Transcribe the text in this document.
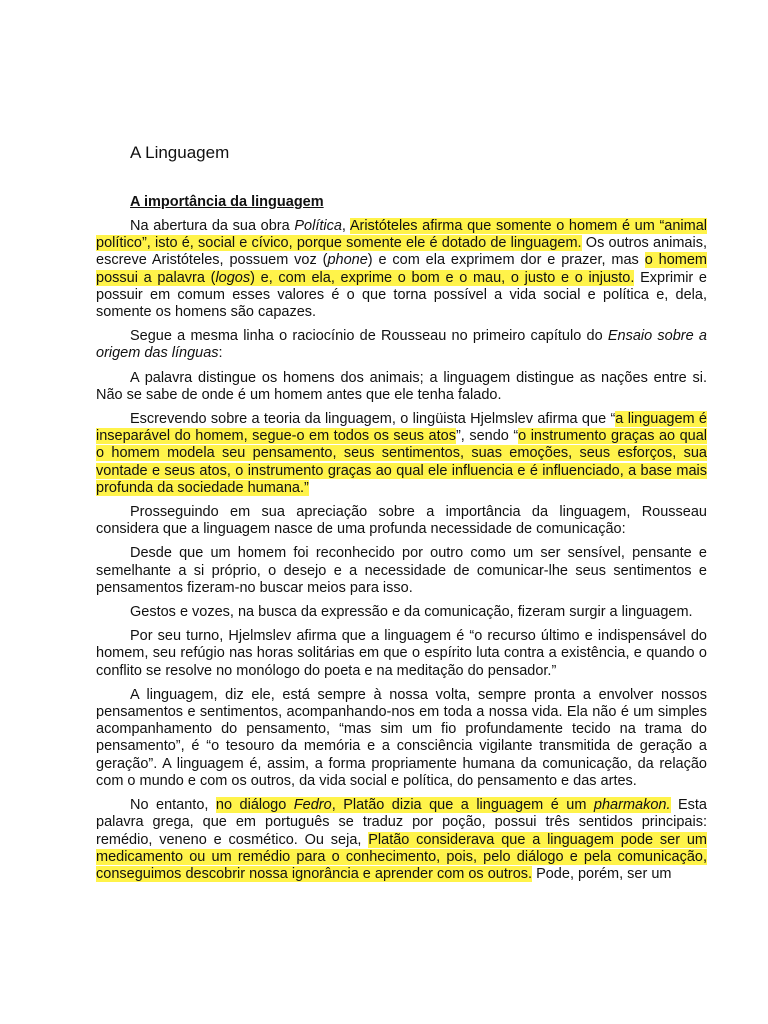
A Linguagem
A importância da linguagem

Na abertura da sua obra Política, Aristóteles afirma que somente o homem é um “animal político”, isto é, social e cívico, porque somente ele é dotado de linguagem. Os outros animais, escreve Aristóteles, possuem voz (phone) e com ela exprimem dor e prazer, mas o homem possui a palavra (logos) e, com ela, exprime o bom e o mau, o justo e o injusto. Exprimir e possuir em comum esses valores é o que torna possível a vida social e política e, dela, somente os homens são capazes.

Segue a mesma linha o raciocínio de Rousseau no primeiro capítulo do Ensaio sobre a origem das línguas:

A palavra distingue os homens dos animais; a linguagem distingue as nações entre si. Não se sabe de onde é um homem antes que ele tenha falado.

Escrevendo sobre a teoria da linguagem, o lingüista Hjelmslev afirma que “a linguagem é inseparável do homem, segue-o em todos os seus atos”, sendo “o instrumento graças ao qual o homem modela seu pensamento, seus sentimentos, suas emoções, seus esforços, sua vontade e seus atos, o instrumento graças ao qual ele influencia e é influenciado, a base mais profunda da sociedade humana.”

Prosseguindo em sua apreciação sobre a importância da linguagem, Rousseau considera que a linguagem nasce de uma profunda necessidade de comunicação:

Desde que um homem foi reconhecido por outro como um ser sensível, pensante e semelhante a si próprio, o desejo e a necessidade de comunicar-lhe seus sentimentos e pensamentos fizeram-no buscar meios para isso.

Gestos e vozes, na busca da expressão e da comunicação, fizeram surgir a linguagem.

Por seu turno, Hjelmslev afirma que a linguagem é “o recurso último e indispensável do homem, seu refúgio nas horas solitárias em que o espírito luta contra a existência, e quando o conflito se resolve no monólogo do poeta e na meditação do pensador.”

A linguagem, diz ele, está sempre à nossa volta, sempre pronta a envolver nossos pensamentos e sentimentos, acompanhando-nos em toda a nossa vida. Ela não é um simples acompanhamento do pensamento, “mas sim um fio profundamente tecido na trama do pensamento”, é “o tesouro da memória e a consciência vigilante transmitida de geração a geração”. A linguagem é, assim, a forma propriamente humana da comunicação, da relação com o mundo e com os outros, da vida social e política, do pensamento e das artes.

No entanto, no diálogo Fedro, Platão dizia que a linguagem é um pharmakon. Esta palavra grega, que em português se traduz por poção, possui três sentidos principais: remédio, veneno e cosmético. Ou seja, Platão considerava que a linguagem pode ser um medicamento ou um remédio para o conhecimento, pois, pelo diálogo e pela comunicação, conseguimos descobrir nossa ignorância e aprender com os outros. Pode, porém, ser um
